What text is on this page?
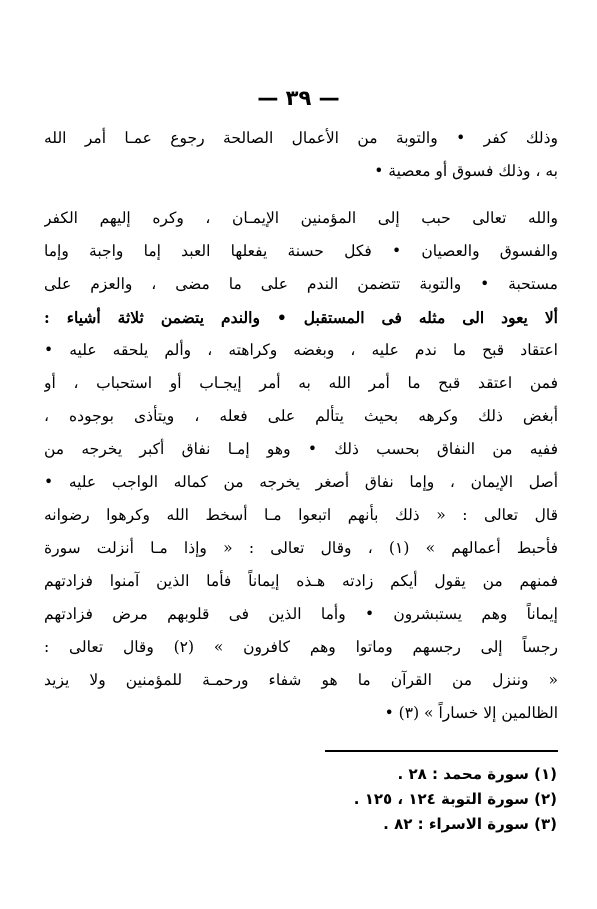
— ٣٩ —

وذلك كفر • والتوبة من الأعمال الصالحة رجوع عمـا أمر الله
به ، وذلك فسوق أو معصية •

والله تعالى حبب إلى المؤمنين الإيمـان ، وكره إليهم الكفر
والفسوق والعصيان • فكل حسنة يفعلها العبد إما واجبة وإما
مستحبة • والتوبة تتضمن الندم على ما مضى ، والعزم على
ألا يعود الى مثله فى المستقبل • والندم يتضمن ثلاثة أشياء :
اعتقاد قبح ما ندم عليه ، وبغضه وكراهته ، وألم يلحقه عليه •
فمن اعتقد قبح ما أمر الله به أمر إيجـاب أو استحباب ، أو
أبغض ذلك وكرهه بحيث يتألم على فعله ، ويتأذى بوجوده ،
ففيه من النفاق بحسب ذلك • وهو إمـا نفاق أكبر يخرجه من
أصل الإيمان ، وإما نفاق أصغر يخرجه من كماله الواجب عليه •
قال تعالى : « ذلك بأنهم اتبعوا مـا أسخط الله وكرهوا رضوانه
فأحبط أعمالهم » (١) ، وقال تعالى : « وإذا مـا أنزلت سورة
فمنهم من يقول أيكم زادته هـذه إيماناً فأما الذين آمنوا فزادتهم
إيماناً وهم يستبشرون • وأما الذين فى قلوبهم مرض فزادتهم
رجساً إلى رجسهم وماتوا وهم كافرون » (٢) وقال تعالى :
« وننزل من القرآن ما هو شفاء ورحمـة للمؤمنين ولا يزيد
الظالمين إلا خساراً » (٣) •

(١) سورة محمد : ٢٨ .
(٢) سورة التوبة ١٢٤ ، ١٢٥ .
(٣) سورة الاسراء : ٨٢ .
